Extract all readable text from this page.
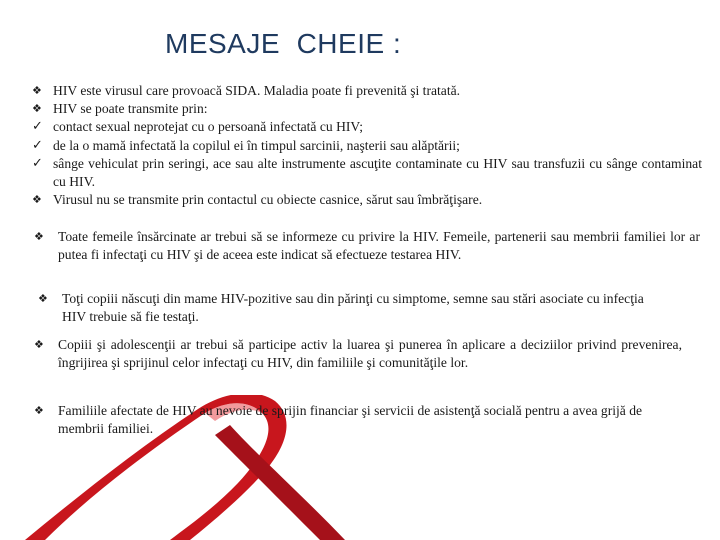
MESAJE  CHEIE :
❖ HIV este virusul care provoacă SIDA. Maladia poate fi prevenită şi tratată.
❖ HIV se poate transmite prin:
✓ contact sexual neprotejat cu o persoană infectată cu HIV;
✓ de la o mamă infectată la copilul ei în timpul sarcinii, naşterii sau alăptării;
✓ sânge vehiculat prin seringi, ace sau alte instrumente ascuţite contaminate cu HIV sau transfuzii cu sânge contaminat cu HIV.
❖ Virusul nu se transmite prin contactul cu obiecte casnice, sărut sau îmbrăţişare.
❖	Toate femeile însărcinate ar trebui să se informeze cu privire la HIV. Femeile, partenerii sau membrii familiei lor ar putea fi infectaţi cu HIV şi de aceea este indicat să efectueze testarea HIV.
❖	Toţi copiii născuţi din mame HIV-pozitive sau din părinţi cu simptome, semne sau stări asociate cu infecţia HIV trebuie să fie testaţi.
❖	Copiii şi adolescenţii ar trebui să participe activ la luarea şi punerea în aplicare a deciziilor privind prevenirea, îngrijirea şi sprijinul celor infectaţi cu HIV, din familiile şi comunităţile lor.
❖	Familiile afectate de HIV au nevoie de sprijin financiar şi servicii de asistenţă socială pentru a avea grijă de membrii familiei.
